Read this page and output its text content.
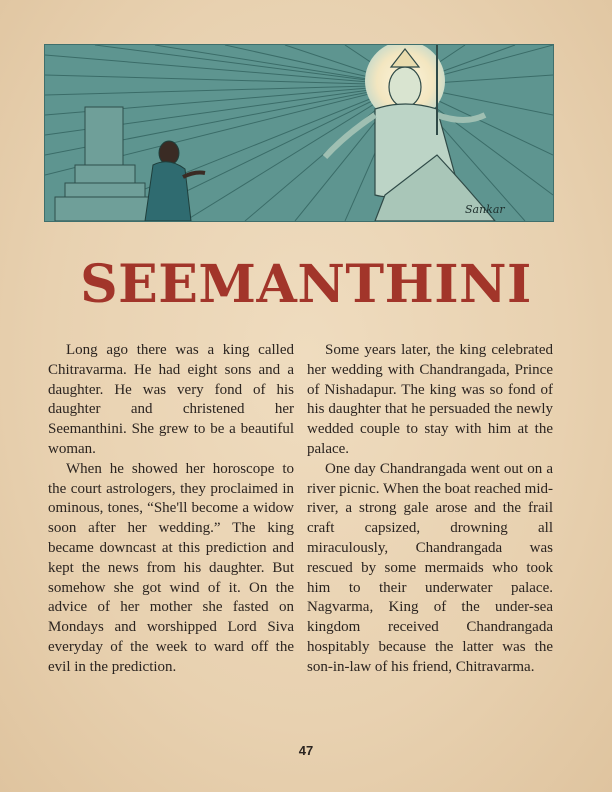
Sankar
SEEMANTHINI

Long ago there was a king called Chitravarma. He had eight sons and a daughter. He was very fond of his daughter and christened her Seemanthini. She grew to be a beautiful woman.

When he showed her horoscope to the court astrologers, they proclaimed in ominous, tones, “She'll become a widow soon after her wedding.” The king became downcast at this prediction and kept the news from his daughter. But somehow she got wind of it. On the advice of her mother she fasted on Mondays and worshipped Lord Siva everyday of the week to ward off the evil in the prediction.

Some years later, the king celebrated her wedding with Chandrangada, Prince of Nishadapur. The king was so fond of his daughter that he persuaded the newly wedded couple to stay with him at the palace.

One day Chandrangada went out on a river picnic. When the boat reached mid-river, a strong gale arose and the frail craft capsized, drowning all miraculously, Chandrangada was rescued by some mermaids who took him to their underwater palace. Nagvarma, King of the under-sea kingdom received Chandrangada hospitably because the latter was the son-in-law of his friend, Chitravarma.

47
